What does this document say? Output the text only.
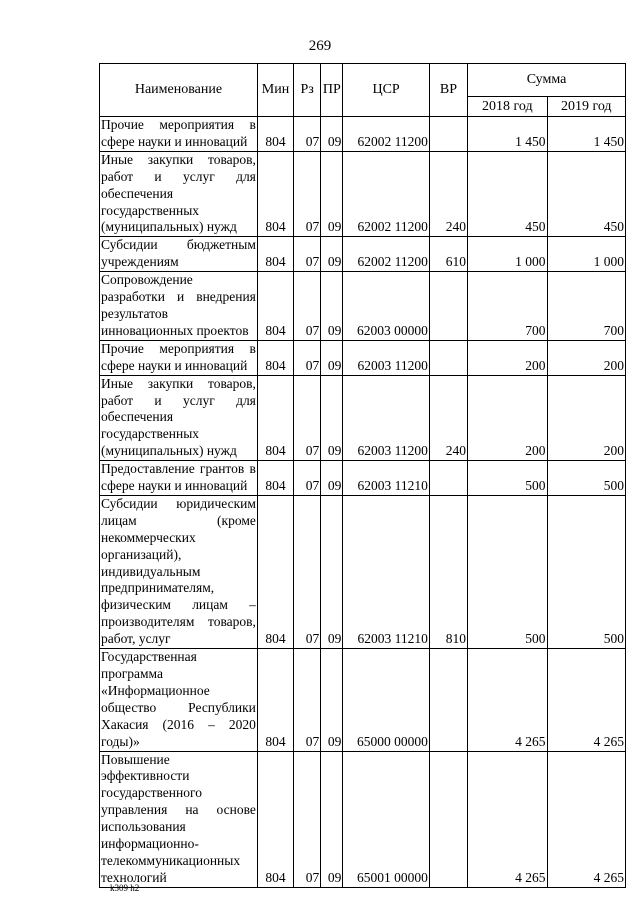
269
Наименование	Мин	Рз	ПР	ЦСР	ВР	Сумма	
						2018 год	2019 год
Прочие мероприятия в сфере науки и инноваций	804	07	09	62002 11200		1 450	1 450
Иные закупки товаров, работ и услуг для обеспечения государственных (муниципальных) нужд	804	07	09	62002 11200	240	450	450
Субсидии бюджетным учреждениям	804	07	09	62002 11200	610	1 000	1 000
Сопровождение разработки и внедрения результатов инновационных проектов	804	07	09	62003 00000		700	700
Прочие мероприятия в сфере науки и инноваций	804	07	09	62003 11200		200	200
Иные закупки товаров, работ и услуг для обеспечения государственных (муниципальных) нужд	804	07	09	62003 11200	240	200	200
Предоставление грантов в сфере науки и инноваций	804	07	09	62003 11210		500	500
Субсидии юридическим лицам (кроме некоммерческих организаций), индивидуальным предпринимателям, физическим лицам – производителям товаров, работ, услуг	804	07	09	62003 11210	810	500	500
Государственная программа «Информационное общество Республики Хакасия (2016 – 2020 годы)»	804	07	09	65000 00000		4 265	4 265
Повышение эффективности государственного управления на основе использования информационно-телекоммуникационных технологий	804	07	09	65001 00000		4 265	4 265
k309 h2
